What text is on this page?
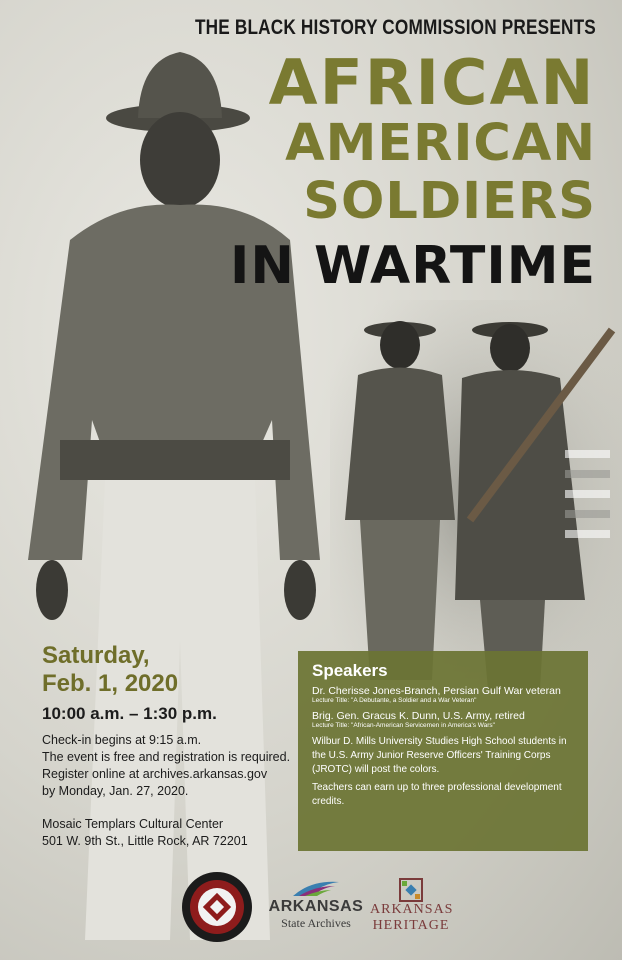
THE BLACK HISTORY COMMISSION PRESENTS
AFRICAN
AMERICAN
SOLDIERS
IN WARTIME
Saturday,
Feb. 1, 2020
10:00 a.m. – 1:30 p.m.
Check-in begins at 9:15 a.m.
The event is free and registration is required.
Register online at archives.arkansas.gov
by Monday, Jan. 27, 2020.
Mosaic Templars Cultural Center
501 W. 9th St., Little Rock, AR 72201
Speakers
Dr. Cherisse Jones-Branch, Persian Gulf War veteran
Lecture Title: "A Debutante, a Soldier and a War Veteran"
Brig. Gen. Gracus K. Dunn, U.S. Army, retired
Lecture Title: "African-American Servicemen in America's Wars"
Wilbur D. Mills University Studies High School students in the U.S. Army Junior Reserve Officers' Training Corps (JROTC) will post the colors.
Teachers can earn up to three professional development credits.
ARKANSAS
State Archives
ARKANSAS
HERITAGE
